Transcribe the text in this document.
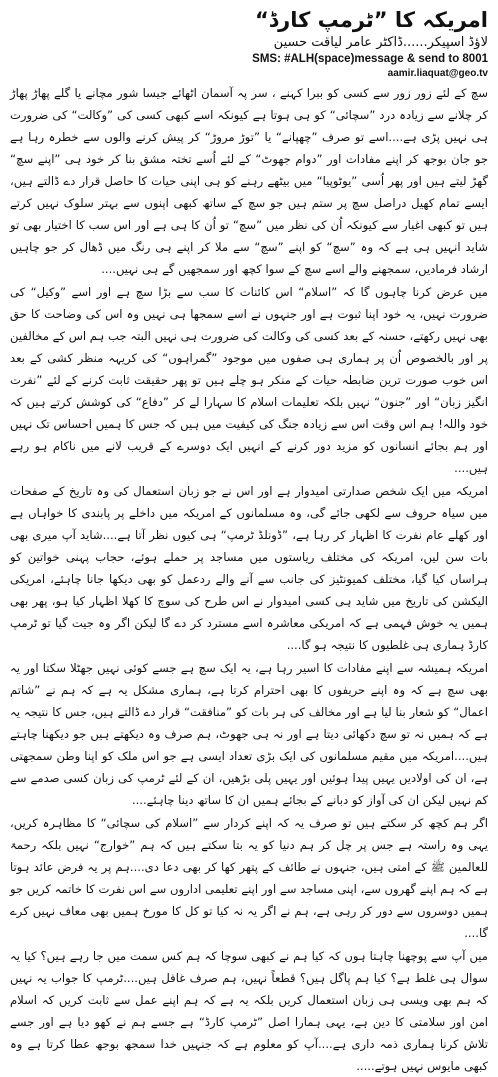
امریکہ کا ”ٹرمپ کارڈ“

لاؤڈ اسپیکر......ڈاکٹر عامر لیاقت حسین

SMS: #ALH(space)message & send to 8001

aamir.liaquat@geo.tv

سچ کے لئے زور زور سے کسی کو ببرا کہنے ، سر پہ آسمان اٹھائے جیسا شور مچانے یا گلے پھاڑ پھاڑ کر چلانے سے زیادہ درد ”سچائی“ کو ہی ہوتا ہے کیونکہ اسے کبھی کسی کی ”وکالت“ کی ضرورت ہی نہیں پڑی ہے....اسے تو صرف ”چھپانے“ یا ”توڑ مروڑ“ کر پیش کرنے والوں سے خطرہ رہا ہے جو جان بوجھ کر اپنے مفادات اور ”دوام جھوٹ“ کے لئے اُسے تختہ مشق بنا کر خود ہی ”اپنے سچ“ گھڑ لیتے ہیں اور پھر اُسی ”یوٹوپیا“ میں بیٹھے رہنے کو ہی اپنی حیات کا حاصل قرار دے ڈالتے ہیں، ایسے تمام کھیل دراصل سچ پر ستم ہیں جو سچ کے ساتھ کبھی اپنوں سے بہتر سلوک نہیں کرتے ہیں تو کبھی اغیار سے کیونکہ اُن کی نظر میں ”سچ“ تو اُن کا ہی ہے اور اس سب کا اختیار بھی تو شاید انہیں ہی ہے کہ وہ ”سچ“ کو اپنے ”سچ“ سے ملا کر اپنے ہی رنگ میں ڈھال کر جو چاہیں ارشاد فرمادیں، سمجھنے والے اسے سچ کے سوا کچھ اور سمجھیں گے ہی نہیں....

میں عرض کرنا چاہوں گا کہ ”اسلام“ اس کائنات کا سب سے بڑا سچ ہے اور اسے ”وکیل“ کی ضرورت نہیں، یہ خود اپنا ثبوت ہے اور جنہوں نے اسے سمجھا ہی نہیں وہ اس کی وضاحت کا حق بھی نہیں رکھتے، حسنہ کے بعد کسی کی وکالت کی ضرورت ہی نہیں البتہ جب ہم اس کے مخالفین پر اور بالخصوص اُن پر ہماری ہی صفوں میں موجود ”گمراہوں“ کی کریہہ منظر کشی کے بعد اس خوب صورت ترین ضابطہ حیات کے منکر ہو چلے ہیں تو پھر حقیقت ثابت کرنے کے لئے ”نفرت انگیز زبان“ اور ”جنون“ نہیں بلکہ تعلیمات اسلام کا سہارا لے کر ”دفاع“ کی کوشش کرتے ہیں کہ خود واللہ! ہم اس وقت اس سے زیادہ جنگ کی کیفیت میں ہیں کہ جس کا ہمیں احساس تک نہیں اور ہم بجائے انسانوں کو مزید دور کرنے کے انہیں ایک دوسرے کے قریب لانے میں ناکام ہو رہے ہیں....

امریکہ میں ایک شخص صدارتی امیدوار ہے اور اس نے جو زبان استعمال کی وہ تاریخ کے صفحات میں سیاہ حروف سے لکھی جائے گی، وہ مسلمانوں کے امریکہ میں داخلے پر پابندی کا خواہاں ہے اور کھلے عام نفرت کا اظہار کر رہا ہے، ”ڈونلڈ ٹرمپ“ ہی کیوں نظر آتا ہے....شاید آپ میری بھی بات سن لیں، امریکہ کی مختلف ریاستوں میں مساجد پر حملے ہوئے، حجاب پہنی خواتین کو ہراساں کیا گیا، مختلف کمیونٹیز کی جانب سے آنے والے ردعمل کو بھی دیکھا جانا چاہئے، امریکی الیکشن کی تاریخ میں شاید ہی کسی امیدوار نے اس طرح کی سوچ کا کھلا اظہار کیا ہو، پھر بھی ہمیں یہ خوش فہمی ہے کہ امریکی معاشرہ اسے مسترد کر دے گا لیکن اگر وہ جیت گیا تو ٹرمپ کارڈ ہماری ہی غلطیوں کا نتیجہ ہو گا....

امریکہ ہمیشہ سے اپنے مفادات کا اسیر رہا ہے، یہ ایک سچ ہے جسے کوئی نہیں جھٹلا سکتا اور یہ بھی سچ ہے کہ وہ اپنے حریفوں کا بھی احترام کرتا ہے، ہماری مشکل یہ ہے کہ ہم نے ”شاتم اعمال“ کو شعار بنا لیا ہے اور مخالف کی ہر بات کو ”منافقت“ قرار دے ڈالتے ہیں، جس کا نتیجہ یہ ہے کہ ہمیں نہ تو سچ دکھائی دیتا ہے اور نہ ہی جھوٹ، ہم صرف وہ دیکھتے ہیں جو دیکھنا چاہتے ہیں....امریکہ میں مقیم مسلمانوں کی ایک بڑی تعداد ایسی ہے جو اس ملک کو اپنا وطن سمجھتی ہے، ان کی اولادیں یہیں پیدا ہوئیں اور یہیں پلی بڑھیں، ان کے لئے ٹرمپ کی زبان کسی صدمے سے کم نہیں لیکن ان کی آواز کو دبانے کے بجائے ہمیں ان کا ساتھ دینا چاہئے....

اگر ہم کچھ کر سکتے ہیں تو صرف یہ کہ اپنے کردار سے ”اسلام کی سچائی“ کا مظاہرہ کریں، یہی وہ راستہ ہے جس پر چل کر ہم دنیا کو یہ بتا سکتے ہیں کہ ہم ”خوارج“ نہیں بلکہ رحمۃ للعالمین ﷺ کے امتی ہیں، جنہوں نے طائف کے پتھر کھا کر بھی دعا دی....ہم پر یہ فرض عائد ہوتا ہے کہ ہم اپنے گھروں سے، اپنی مساجد سے اور اپنے تعلیمی اداروں سے اس نفرت کا خاتمہ کریں جو ہمیں دوسروں سے دور کر رہی ہے، ہم نے اگر یہ نہ کیا تو کل کا مورخ ہمیں بھی معاف نہیں کرے گا....

میں آپ سے پوچھنا چاہتا ہوں کہ کیا ہم نے کبھی سوچا کہ ہم کس سمت میں جا رہے ہیں؟ کیا یہ سوال ہی غلط ہے؟ کیا ہم پاگل ہیں؟ قطعاً نہیں، ہم صرف غافل ہیں....ٹرمپ کا جواب یہ نہیں کہ ہم بھی ویسی ہی زبان استعمال کریں بلکہ یہ ہے کہ ہم اپنے عمل سے ثابت کریں کہ اسلام امن اور سلامتی کا دین ہے، یہی ہمارا اصل ”ٹرمپ کارڈ“ ہے جسے ہم نے کھو دیا ہے اور جسے تلاش کرنا ہماری ذمہ داری ہے....آپ کو معلوم ہے کہ جنہیں خدا سمجھ بوجھ عطا کرتا ہے وہ کبھی مایوس نہیں ہوتے.....
